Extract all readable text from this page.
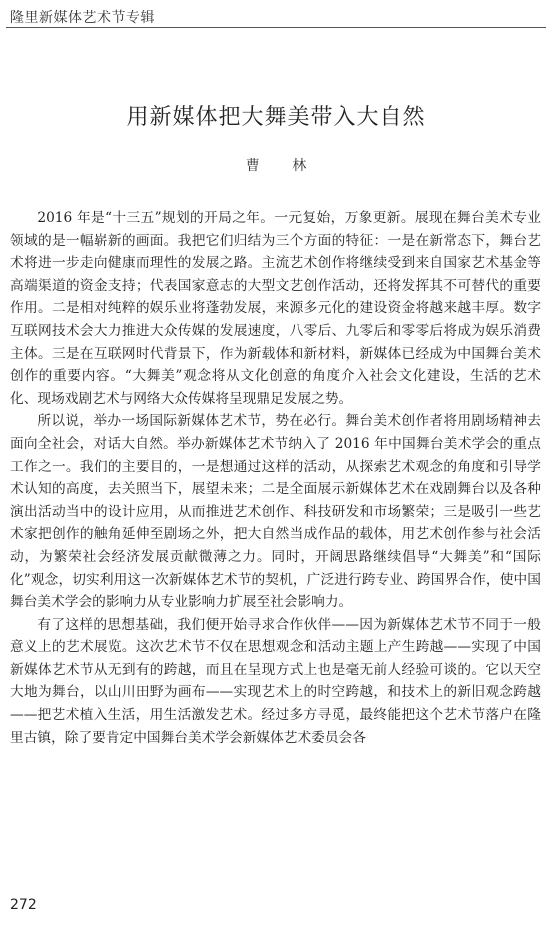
隆里新媒体艺术节专辑
用新媒体把大舞美带入大自然
曹 林

2016 年是“十三五”规划的开局之年。一元复始，万象更新。展现在舞台美术专业领域的是一幅崭新的画面。我把它们归结为三个方面的特征：一是在新常态下，舞台艺术将进一步走向健康而理性的发展之路。主流艺术创作将继续受到来自国家艺术基金等高端渠道的资金支持；代表国家意志的大型文艺创作活动，还将发挥其不可替代的重要作用。二是相对纯粹的娱乐业将蓬勃发展，来源多元化的建设资金将越来越丰厚。数字互联网技术会大力推进大众传媒的发展速度，八零后、九零后和零零后将成为娱乐消费主体。三是在互联网时代背景下，作为新载体和新材料，新媒体已经成为中国舞台美术创作的重要内容。“大舞美”观念将从文化创意的角度介入社会文化建设，生活的艺术化、现场戏剧艺术与网络大众传媒将呈现鼎足发展之势。

所以说，举办一场国际新媒体艺术节，势在必行。舞台美术创作者将用剧场精神去面向全社会，对话大自然。举办新媒体艺术节纳入了 2016 年中国舞台美术学会的重点工作之一。我们的主要目的，一是想通过这样的活动，从探索艺术观念的角度和引导学术认知的高度，去关照当下，展望未来；二是全面展示新媒体艺术在戏剧舞台以及各种演出活动当中的设计应用，从而推进艺术创作、科技研发和市场繁荣；三是吸引一些艺术家把创作的触角延伸至剧场之外，把大自然当成作品的载体，用艺术创作参与社会活动，为繁荣社会经济发展贡献微薄之力。同时，开阔思路继续倡导“大舞美”和“国际化”观念，切实利用这一次新媒体艺术节的契机，广泛进行跨专业、跨国界合作，使中国舞台美术学会的影响力从专业影响力扩展至社会影响力。

有了这样的思想基础，我们便开始寻求合作伙伴——因为新媒体艺术节不同于一般意义上的艺术展览。这次艺术节不仅在思想观念和活动主题上产生跨越——实现了中国新媒体艺术节从无到有的跨越，而且在呈现方式上也是毫无前人经验可谈的。它以天空大地为舞台，以山川田野为画布——实现艺术上的时空跨越，和技术上的新旧观念跨越——把艺术植入生活，用生活激发艺术。经过多方寻觅，最终能把这个艺术节落户在隆里古镇，除了要肯定中国舞台美术学会新媒体艺术委员会各

272
